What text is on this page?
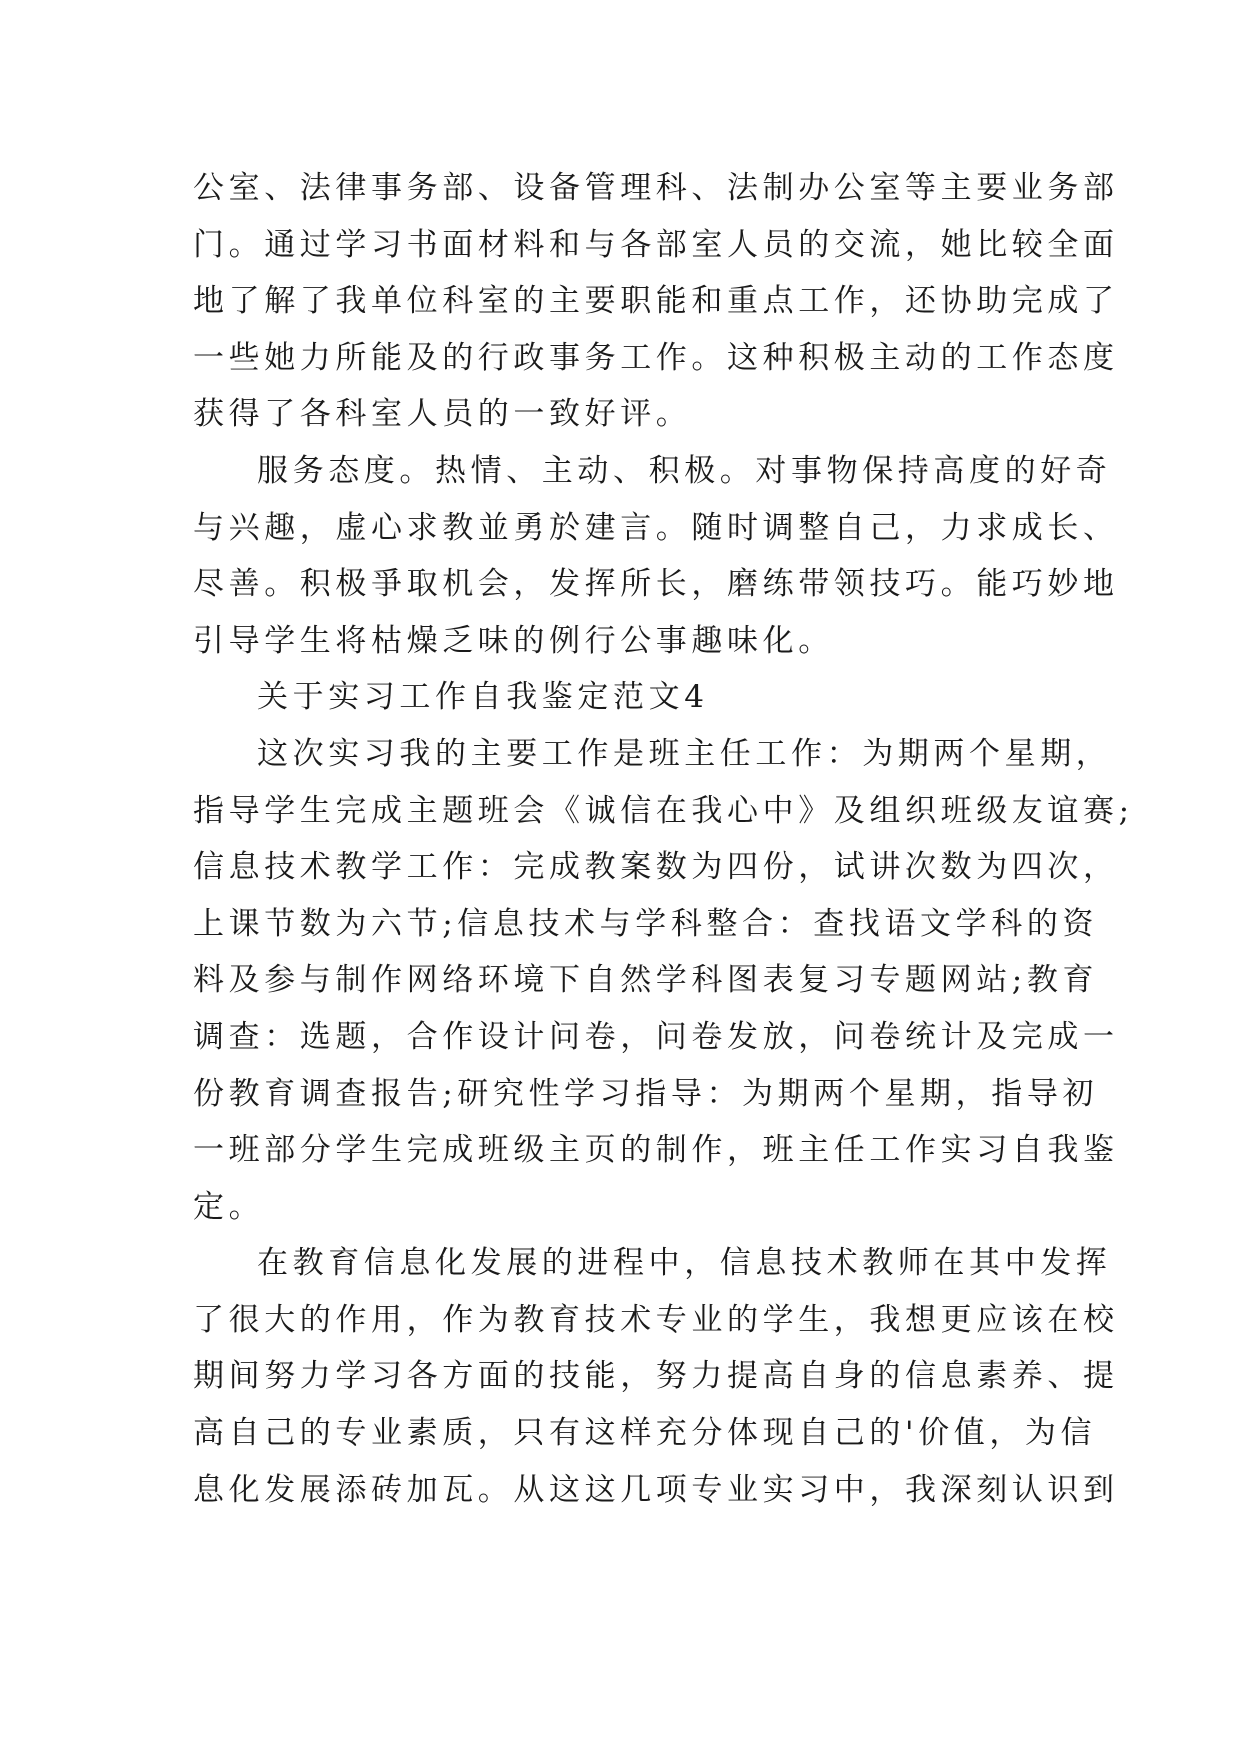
公室、法律事务部、设备管理科、法制办公室等主要业务部
门。通过学习书面材料和与各部室人员的交流，她比较全面
地了解了我单位科室的主要职能和重点工作，还协助完成了
一些她力所能及的行政事务工作。这种积极主动的工作态度
获得了各科室人员的一致好评。
服务态度。热情、主动、积极。对事物保持高度的好奇
与兴趣，虚心求教並勇於建言。随时调整自己，力求成长、
尽善。积极爭取机会，发挥所长，磨练带领技巧。能巧妙地
引导学生将枯燥乏味的例行公事趣味化。
关于实习工作自我鉴定范文4
这次实习我的主要工作是班主任工作：为期两个星期，
指导学生完成主题班会《诚信在我心中》及组织班级友谊赛;
信息技术教学工作：完成教案数为四份，试讲次数为四次，
上课节数为六节;信息技术与学科整合：查找语文学科的资
料及参与制作网络环境下自然学科图表复习专题网站;教育
调查：选题，合作设计问卷，问卷发放，问卷统计及完成一
份教育调查报告;研究性学习指导：为期两个星期，指导初
一班部分学生完成班级主页的制作，班主任工作实习自我鉴
定。
在教育信息化发展的进程中，信息技术教师在其中发挥
了很大的作用，作为教育技术专业的学生，我想更应该在校
期间努力学习各方面的技能，努力提高自身的信息素养、提
高自己的专业素质，只有这样充分体现自己的'价值，为信
息化发展添砖加瓦。从这这几项专业实习中，我深刻认识到
